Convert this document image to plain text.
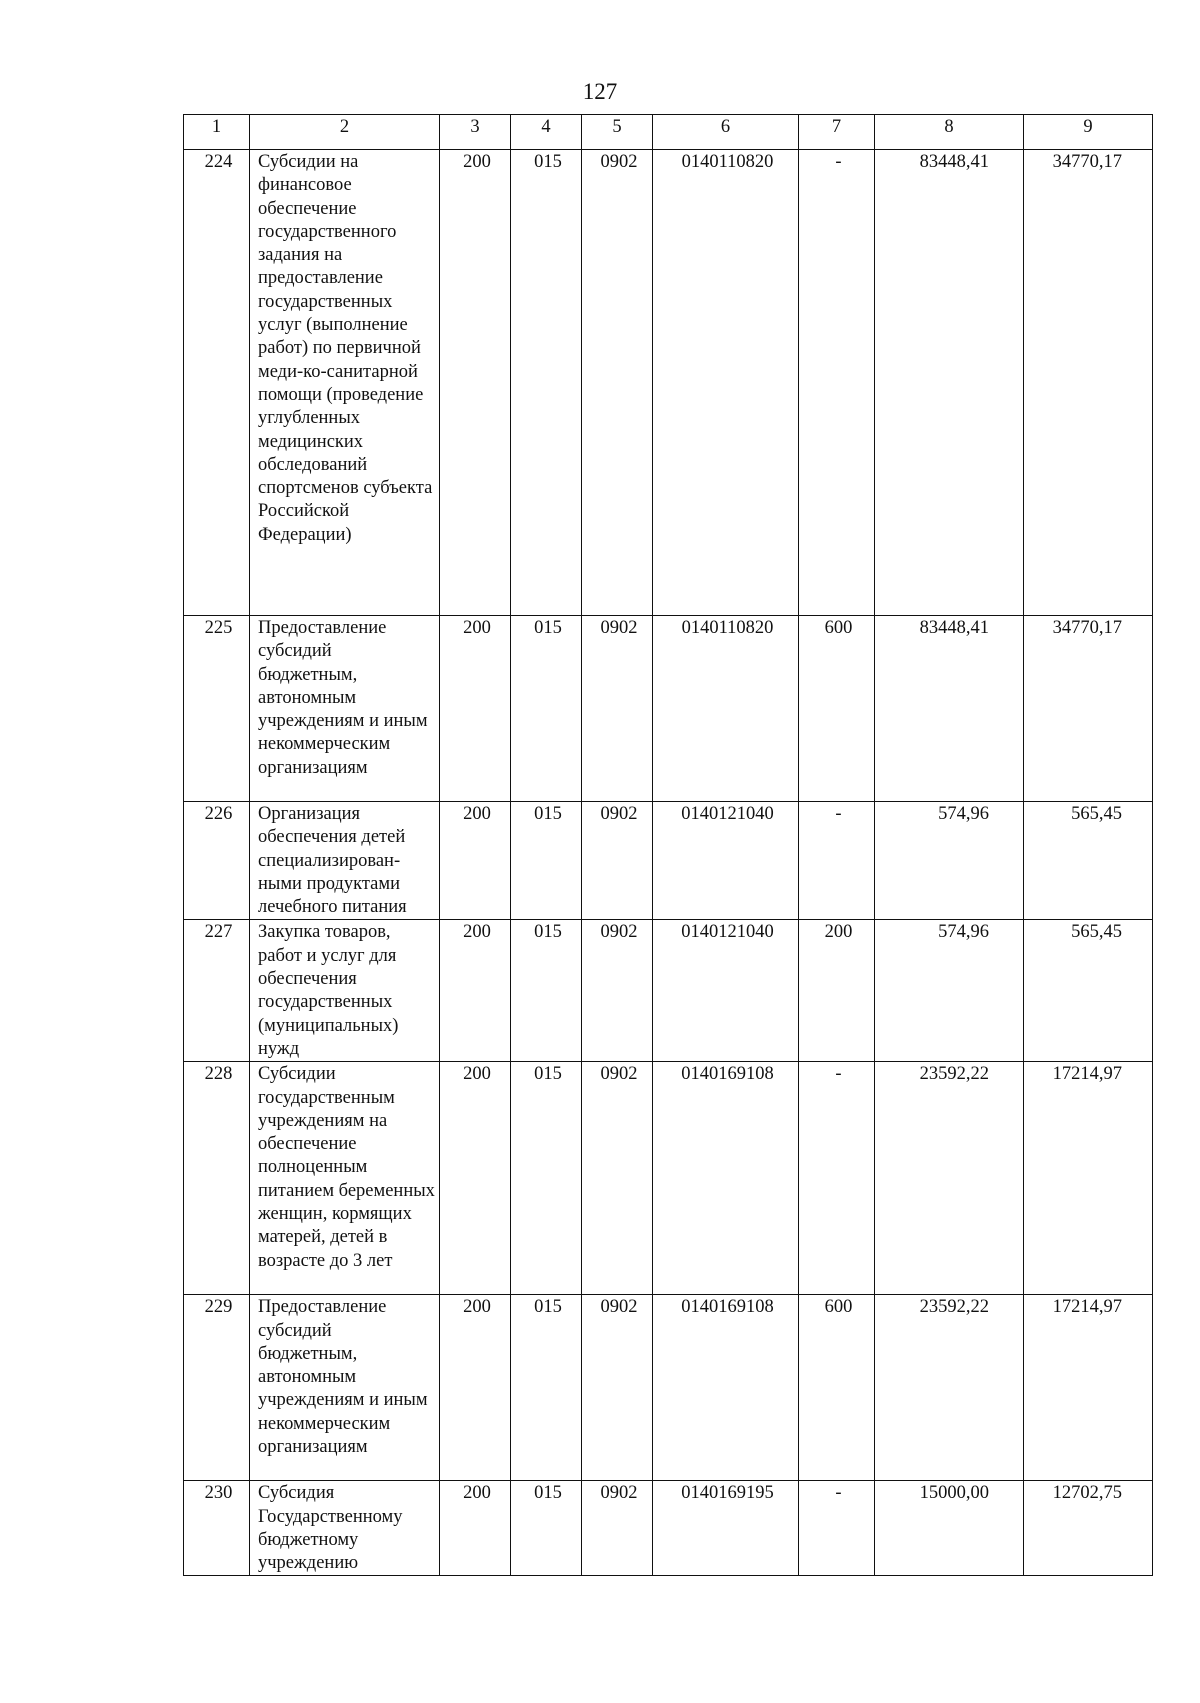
127
1	2	3	4	5	6	7	8	9
224	Субсидии на финансовое обеспечение государственного задания на предоставление государственных услуг (выполнение работ) по первичной меди-ко-санитарной помощи (проведение углубленных медицинских обследований спортсменов субъекта Российской Федерации)	200	015	0902	0140110820	-	83448,41	34770,17
225	Предоставление субсидий бюджетным, автономным учреждениям и иным некоммерческим организациям	200	015	0902	0140110820	600	83448,41	34770,17
226	Организация обеспечения детей специализирован-ными продуктами лечебного питания	200	015	0902	0140121040	-	574,96	565,45
227	Закупка товаров, работ и услуг для обеспечения государственных (муниципальных) нужд	200	015	0902	0140121040	200	574,96	565,45
228	Субсидии государственным учреждениям на обеспечение полноценным питанием беременных женщин, кормящих матерей, детей в возрасте до 3 лет	200	015	0902	0140169108	-	23592,22	17214,97
229	Предоставление субсидий бюджетным, автономным учреждениям и иным некоммерческим организациям	200	015	0902	0140169108	600	23592,22	17214,97
230	Субсидия Государственному бюджетному учреждению	200	015	0902	0140169195	-	15000,00	12702,75
